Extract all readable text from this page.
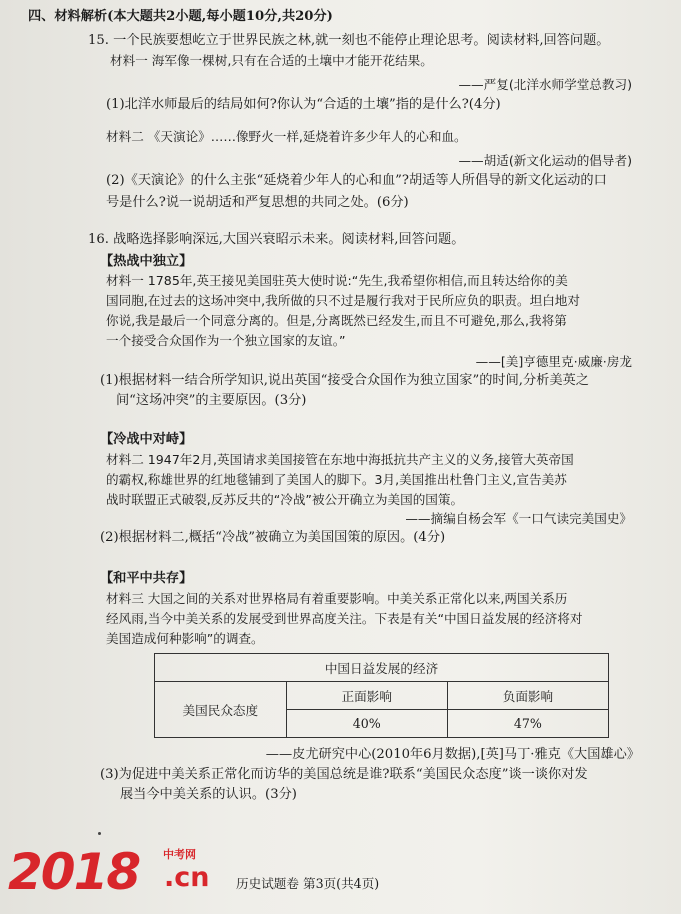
四、材料解析(本大题共2小题,每小题10分,共20分)
15. 一个民族要想屹立于世界民族之林,就一刻也不能停止理论思考。阅读材料,回答问题。
材料一 海军像一棵树,只有在合适的土壤中才能开花结果。
——严复(北洋水师学堂总教习)
(1)北洋水师最后的结局如何?你认为“合适的土壤”指的是什么?(4分)
材料二 《天演论》……像野火一样,延烧着许多少年人的心和血。
——胡适(新文化运动的倡导者)
(2)《天演论》的什么主张“延烧着少年人的心和血”?胡适等人所倡导的新文化运动的口
号是什么?说一说胡适和严复思想的共同之处。(6分)
16. 战略选择影响深远,大国兴衰昭示未来。阅读材料,回答问题。
【热战中独立】
材料一 1785年,英王接见美国驻英大使时说:“先生,我希望你相信,而且转达给你的美
国同胞,在过去的这场冲突中,我所做的只不过是履行我对于民所应负的职责。坦白地对
你说,我是最后一个同意分离的。但是,分离既然已经发生,而且不可避免,那么,我将第
一个接受合众国作为一个独立国家的友谊。”
——[美]亨德里克·威廉·房龙
(1)根据材料一结合所学知识,说出英国“接受合众国作为独立国家”的时间,分析美英之
间“这场冲突”的主要原因。(3分)
【冷战中对峙】
材料二 1947年2月,英国请求美国接管在东地中海抵抗共产主义的义务,接管大英帝国
的霸权,称雄世界的红地毯铺到了美国人的脚下。3月,美国推出杜鲁门主义,宣告美苏
战时联盟正式破裂,反苏反共的“冷战”被公开确立为美国的国策。
——摘编自杨会军《一口气读完美国史》
(2)根据材料二,概括“冷战”被确立为美国国策的原因。(4分)
【和平中共存】
材料三 大国之间的关系对世界格局有着重要影响。中美关系正常化以来,两国关系历
经风雨,当今中美关系的发展受到世界高度关注。下表是有关“中国日益发展的经济将对
美国造成何种影响”的调查。
中国日益发展的经济		
美国民众态度	正面影响	负面影响
	40%	47%
——皮尤研究中心(2010年6月数据),[英]马丁·雅克《大国雄心》
(3)为促进中美关系正常化而访华的美国总统是谁?联系“美国民众态度”谈一谈你对发
展当今中美关系的认识。(3分)
2018 中考网
.cn 历史试题卷 第3页(共4页)
